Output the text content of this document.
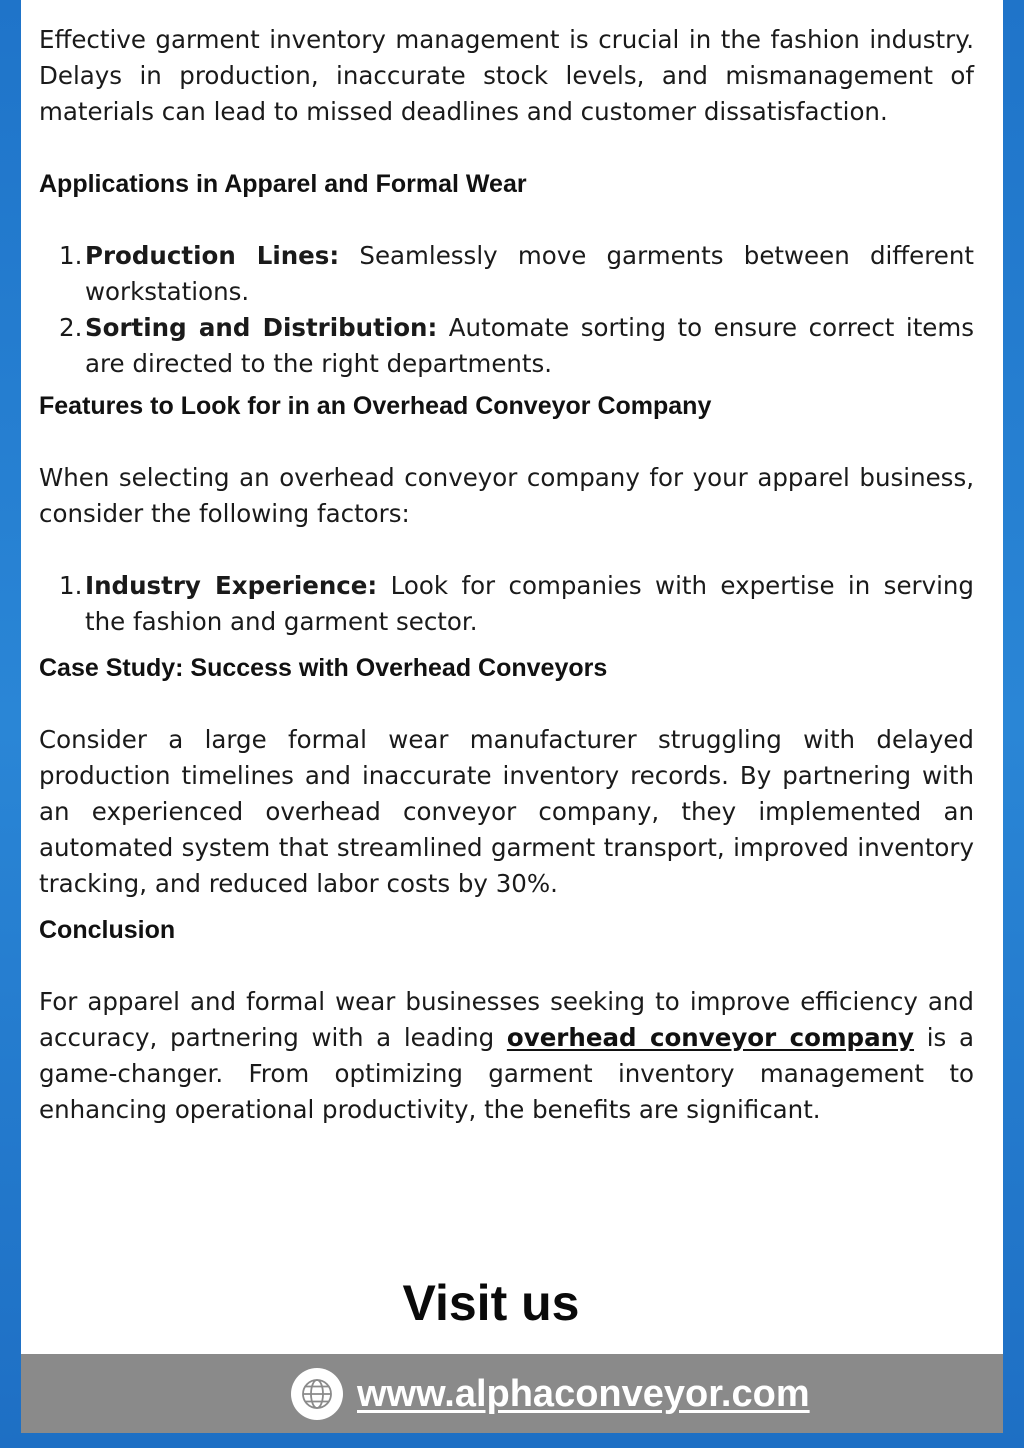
Effective garment inventory management is crucial in the fashion industry. Delays in production, inaccurate stock levels, and mismanagement of materials can lead to missed deadlines and customer dissatisfaction.

Applications in Apparel and Formal Wear

1. Production Lines: Seamlessly move garments between different workstations.
2. Sorting and Distribution: Automate sorting to ensure correct items are directed to the right departments.

Features to Look for in an Overhead Conveyor Company

When selecting an overhead conveyor company for your apparel business, consider the following factors:

1. Industry Experience: Look for companies with expertise in serving the fashion and garment sector.

Case Study: Success with Overhead Conveyors

Consider a large formal wear manufacturer struggling with delayed production timelines and inaccurate inventory records. By partnering with an experienced overhead conveyor company, they implemented an automated system that streamlined garment transport, improved inventory tracking, and reduced labor costs by 30%.

Conclusion

For apparel and formal wear businesses seeking to improve efficiency and accuracy, partnering with a leading overhead conveyor company is a game-changer. From optimizing garment inventory management to enhancing operational productivity, the benefits are significant.

Visit us
www.alphaconveyor.com
